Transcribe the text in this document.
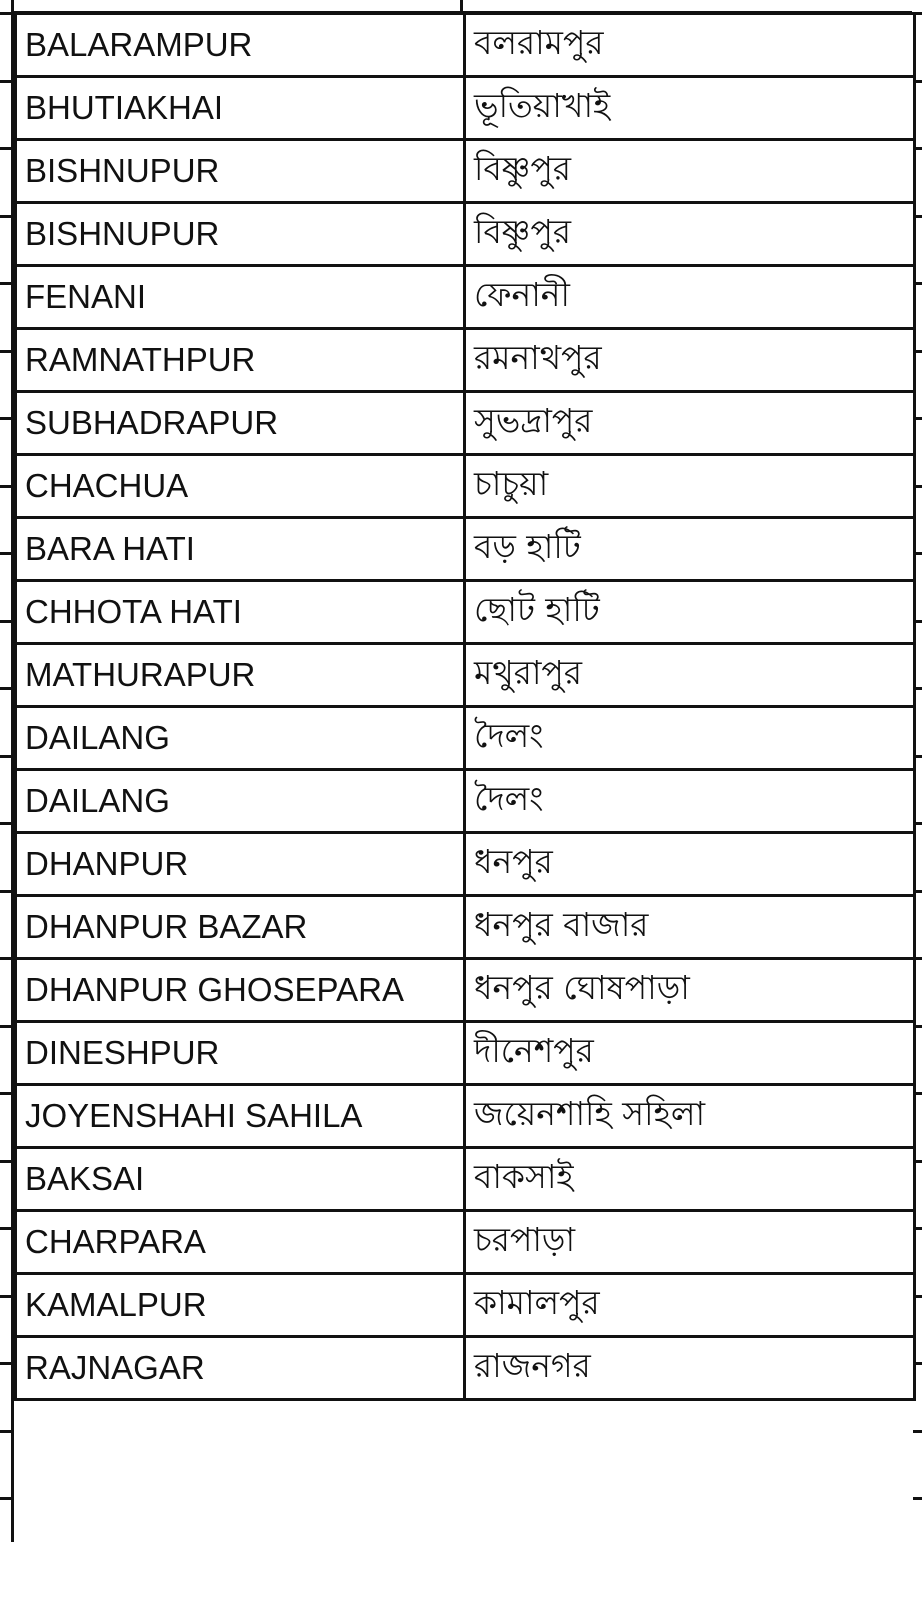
BALARAMPUR	বলরামপুর
BHUTIAKHAI	ভূতিয়াখাই
BISHNUPUR	বিষ্ণুপুর
BISHNUPUR	বিষ্ণুপুর
FENANI	ফেনানী
RAMNATHPUR	রমনাথপুর
SUBHADRAPUR	সুভদ্রাপুর
CHACHUA	চাচুয়া
BARA HATI	বড় হাটি
CHHOTA HATI	ছোট হাটি
MATHURAPUR	মথুরাপুর
DAILANG	দৈলং
DAILANG	দৈলং
DHANPUR	ধনপুর
DHANPUR BAZAR	ধনপুর বাজার
DHANPUR GHOSEPARA	ধনপুর ঘোষপাড়া
DINESHPUR	দীনেশপুর
JOYENSHAHI SAHILA	জয়েনশাহি সহিলা
BAKSAI	বাকসাই
CHARPARA	চরপাড়া
KAMALPUR	কামালপুর
RAJNAGAR	রাজনগর
